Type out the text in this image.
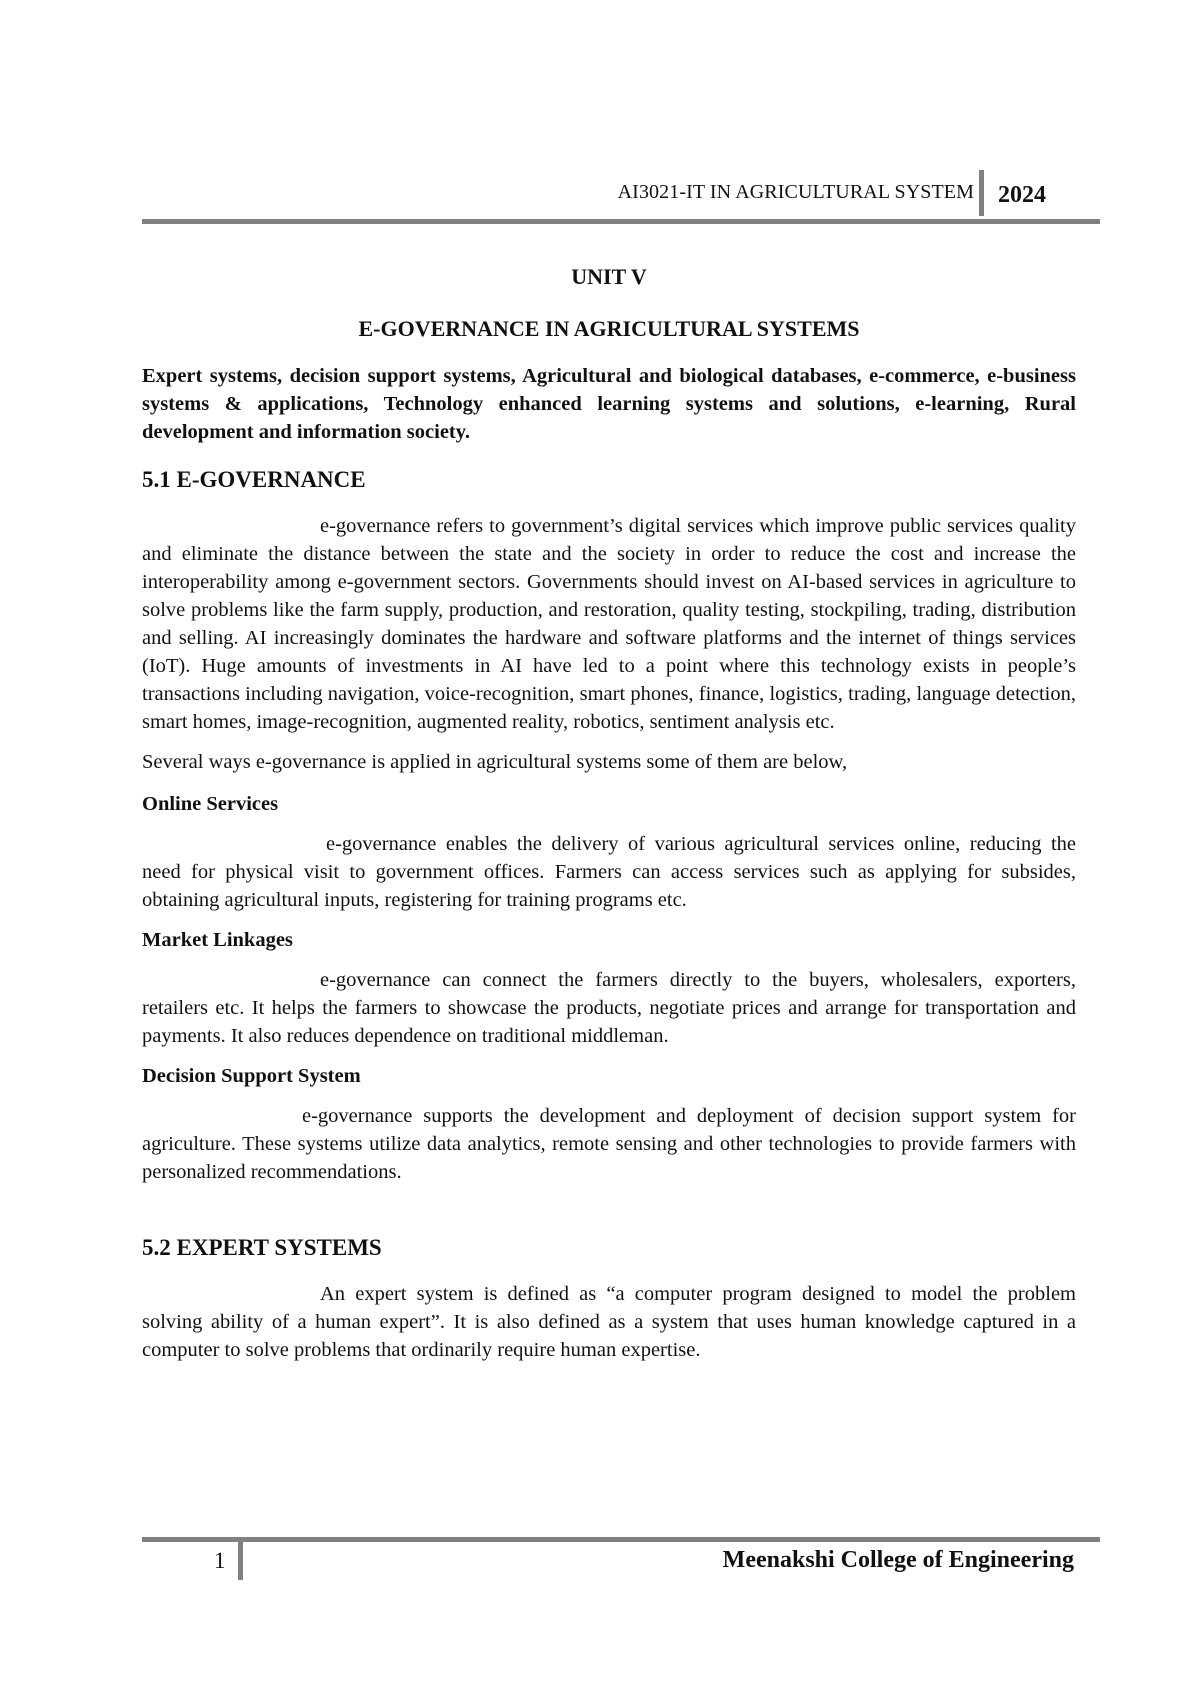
AI3021-IT IN AGRICULTURAL SYSTEM 2024
UNIT V
E-GOVERNANCE IN AGRICULTURAL SYSTEMS
Expert systems, decision support systems, Agricultural and biological databases, e-commerce, e-business systems & applications, Technology enhanced learning systems and solutions, e-learning, Rural development and information society.
5.1 E-GOVERNANCE

e-governance refers to government’s digital services which improve public services quality and eliminate the distance between the state and the society in order to reduce the cost and increase the interoperability among e-government sectors. Governments should invest on AI-based services in agriculture to solve problems like the farm supply, production, and restoration, quality testing, stockpiling, trading, distribution and selling. AI increasingly dominates the hardware and software platforms and the internet of things services (IoT). Huge amounts of investments in AI have led to a point where this technology exists in people’s transactions including navigation, voice-recognition, smart phones, finance, logistics, trading, language detection, smart homes, image-recognition, augmented reality, robotics, sentiment analysis etc.

Several ways e-governance is applied in agricultural systems some of them are below,

Online Services

e-governance enables the delivery of various agricultural services online, reducing the need for physical visit to government offices. Farmers can access services such as applying for subsides, obtaining agricultural inputs, registering for training programs etc.

Market Linkages

e-governance can connect the farmers directly to the buyers, wholesalers, exporters, retailers etc. It helps the farmers to showcase the products, negotiate prices and arrange for transportation and payments. It also reduces dependence on traditional middleman.

Decision Support System

e-governance supports the development and deployment of decision support system for agriculture. These systems utilize data analytics, remote sensing and other technologies to provide farmers with personalized recommendations.

5.2 EXPERT SYSTEMS

An expert system is defined as “a computer program designed to model the problem solving ability of a human expert”. It is also defined as a system that uses human knowledge captured in a computer to solve problems that ordinarily require human expertise.

1	Meenakshi College of Engineering
